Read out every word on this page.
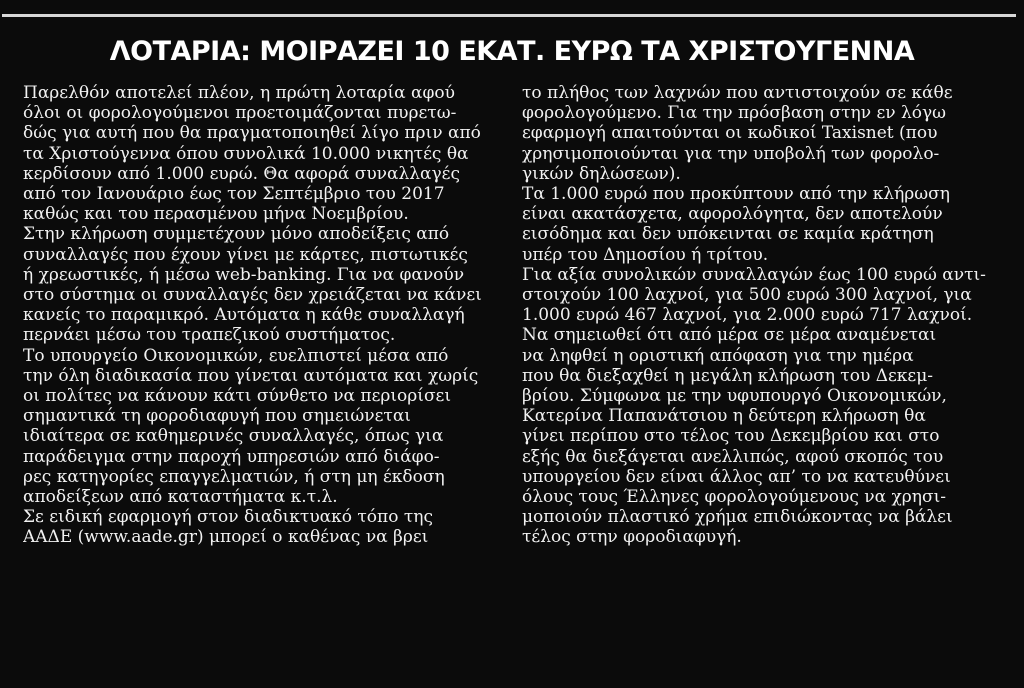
ΛΟΤΑΡΙΑ: ΜΟΙΡΑΖΕΙ 10 ΕΚΑΤ. ΕΥΡΩ ΤΑ ΧΡΙΣΤΟΥΓΕΝΝΑ
Παρελθόν αποτελεί πλέον, η πρώτη λοταρία αφού
όλοι οι φορολογούμενοι προετοιμάζονται πυρετω-
δώς για αυτή που θα πραγματοποιηθεί λίγο πριν από
τα Χριστούγεννα όπου συνολικά 10.000 νικητές θα
κερδίσουν από 1.000 ευρώ. Θα αφορά συναλλαγές
από τον Ιανουάριο έως τον Σεπτέμβριο του 2017
καθώς και του περασμένου μήνα Νοεμβρίου.
Στην κλήρωση συμμετέχουν μόνο αποδείξεις από
συναλλαγές που έχουν γίνει με κάρτες, πιστωτικές
ή χρεωστικές, ή μέσω web-banking. Για να φανούν
στο σύστημα οι συναλλαγές δεν χρειάζεται να κάνει
κανείς το παραμικρό. Αυτόματα η κάθε συναλλαγή
περνάει μέσω του τραπεζικού συστήματος.
Το υπουργείο Οικονομικών, ευελπιστεί μέσα από
την όλη διαδικασία που γίνεται αυτόματα και χωρίς
οι πολίτες να κάνουν κάτι σύνθετο να περιορίσει
σημαντικά τη φοροδιαφυγή που σημειώνεται
ιδιαίτερα σε καθημερινές συναλλαγές, όπως για
παράδειγμα στην παροχή υπηρεσιών από διάφο-
ρες κατηγορίες επαγγελματιών, ή στη μη έκδοση
αποδείξεων από καταστήματα κ.τ.λ.
Σε ειδική εφαρμογή στον διαδικτυακό τόπο της
ΑΑΔΕ (www.aade.gr) μπορεί ο καθένας να βρει
το πλήθος των λαχνών που αντιστοιχούν σε κάθε
φορολογούμενο. Για την πρόσβαση στην εν λόγω
εφαρμογή απαιτούνται οι κωδικοί Taxisnet (που
χρησιμοποιούνται για την υποβολή των φορολο-
γικών δηλώσεων).
Τα 1.000 ευρώ που προκύπτουν από την κλήρωση
είναι ακατάσχετα, αφορολόγητα, δεν αποτελούν
εισόδημα και δεν υπόκεινται σε καμία κράτηση
υπέρ του Δημοσίου ή τρίτου.
Για αξία συνολικών συναλλαγών έως 100 ευρώ αντι-
στοιχούν 100 λαχνοί, για 500 ευρώ 300 λαχνοί, για
1.000 ευρώ 467 λαχνοί, για 2.000 ευρώ 717 λαχνοί.
Να σημειωθεί ότι από μέρα σε μέρα αναμένεται
να ληφθεί η οριστική απόφαση για την ημέρα
που θα διεξαχθεί η μεγάλη κλήρωση του Δεκεμ-
βρίου. Σύμφωνα με την υφυπουργό Οικονομικών,
Κατερίνα Παπανάτσιου η δεύτερη κλήρωση θα
γίνει περίπου στο τέλος του Δεκεμβρίου και στο
εξής θα διεξάγεται ανελλιπώς, αφού σκοπός του
υπουργείου δεν είναι άλλος απ’ το να κατευθύνει
όλους τους Έλληνες φορολογούμενους να χρησι-
μοποιούν πλαστικό χρήμα επιδιώκοντας να βάλει
τέλος στην φοροδιαφυγή.
